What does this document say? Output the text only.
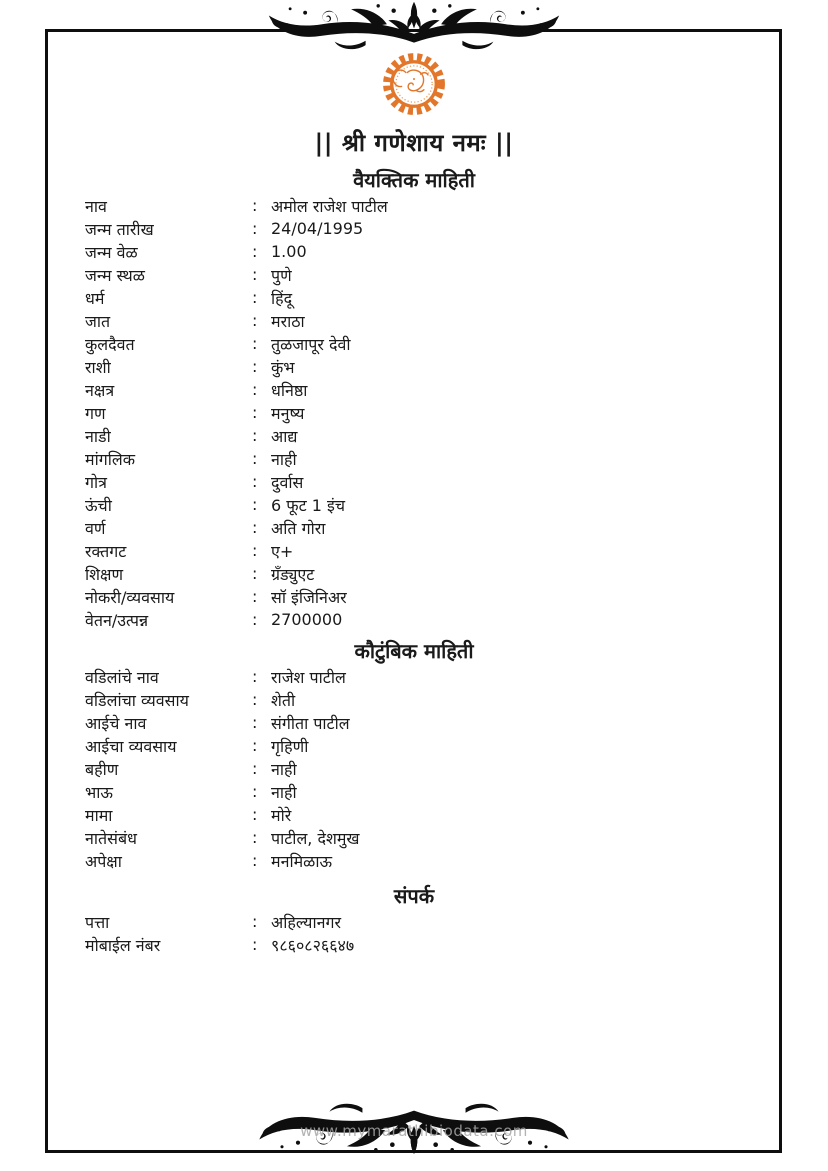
|| श्री गणेशाय नमः ||
वैयक्तिक माहिती
नाव	: अमोल राजेश पाटील
जन्म तारीख	: 24/04/1995
जन्म वेळ	: 1.00
जन्म स्थळ	: पुणे
धर्म	: हिंदू
जात	: मराठा
कुलदैवत	: तुळजापूर देवी
राशी	: कुंभ
नक्षत्र	: धनिष्ठा
गण	: मनुष्य
नाडी	: आद्य
मांगलिक	: नाही
गोत्र	: दुर्वास
ऊंची	: 6 फूट 1 इंच
वर्ण	: अति गोरा
रक्तगट	: ए+
शिक्षण	: ग्रँड्युएट
नोकरी/व्यवसाय	: सॉ इंजिनिअर
वेतन/उत्पन्न	: 2700000
कौटुंबिक माहिती
वडिलांचे नाव	: राजेश पाटील
वडिलांचा व्यवसाय	: शेती
आईचे नाव	: संगीता पाटील
आईचा व्यवसाय	: गृहिणी
बहीण	: नाही
भाऊ	: नाही
मामा	: मोरे
नातेसंबंध	: पाटील, देशमुख
अपेक्षा	: मनमिळाऊ
संपर्क
पत्ता	: अहिल्यानगर
मोबाईल नंबर	: ९८६०८२६६४७
www.mymarathibiodata.com
